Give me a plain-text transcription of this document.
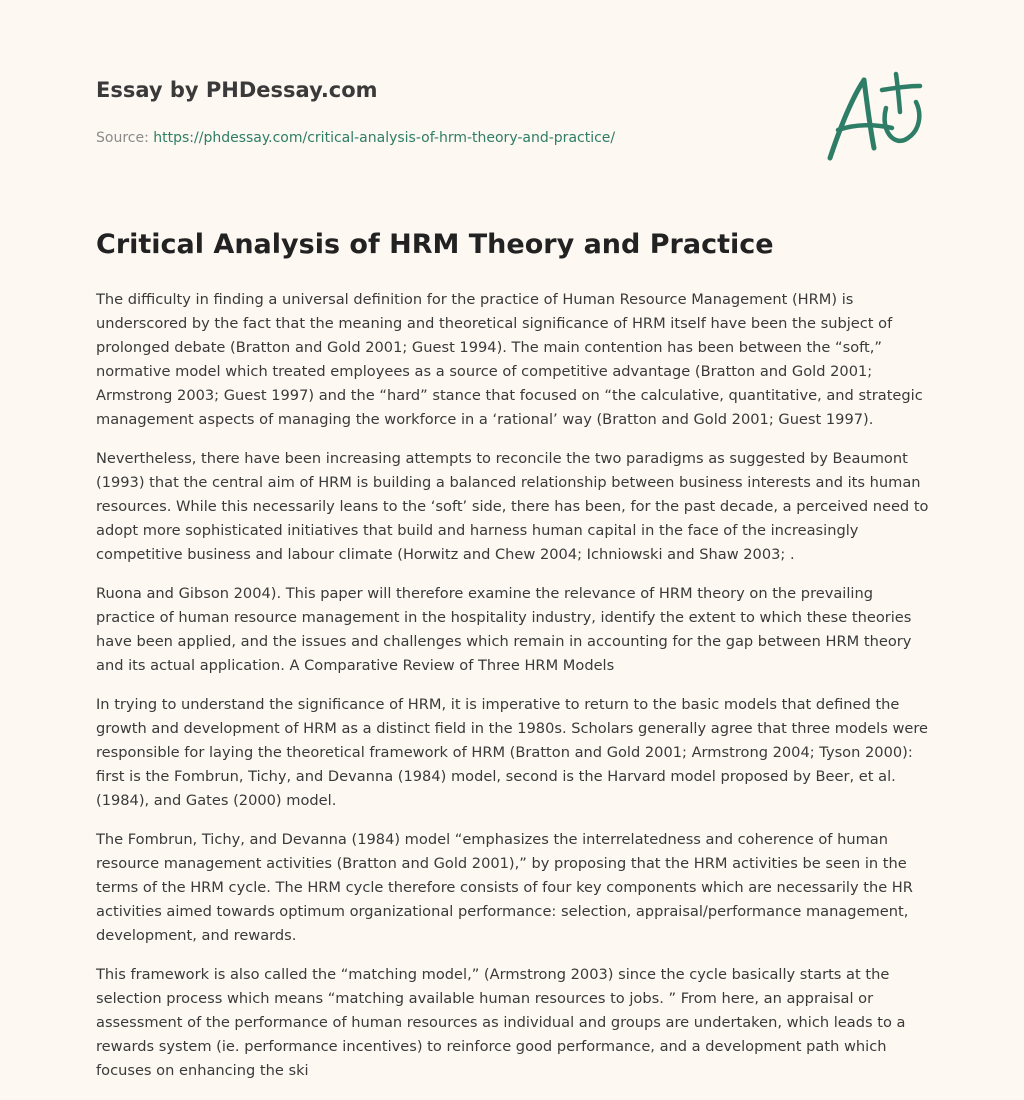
Essay by PHDessay.com
Source: https://phdessay.com/critical-analysis-of-hrm-theory-and-practice/
Critical Analysis of HRM Theory and Practice

The difficulty in finding a universal definition for the practice of Human Resource Management (HRM) is underscored by the fact that the meaning and theoretical significance of HRM itself have been the subject of prolonged debate (Bratton and Gold 2001; Guest 1994). The main contention has been between the “soft,” normative model which treated employees as a source of competitive advantage (Bratton and Gold 2001; Armstrong 2003; Guest 1997) and the “hard” stance that focused on “the calculative, quantitative, and strategic management aspects of managing the workforce in a ‘rational’ way (Bratton and Gold 2001; Guest 1997).

Nevertheless, there have been increasing attempts to reconcile the two paradigms as suggested by Beaumont (1993) that the central aim of HRM is building a balanced relationship between business interests and its human resources. While this necessarily leans to the ‘soft’ side, there has been, for the past decade, a perceived need to adopt more sophisticated initiatives that build and harness human capital in the face of the increasingly competitive business and labour climate (Horwitz and Chew 2004; Ichniowski and Shaw 2003; .

Ruona and Gibson 2004). This paper will therefore examine the relevance of HRM theory on the prevailing practice of human resource management in the hospitality industry, identify the extent to which these theories have been applied, and the issues and challenges which remain in accounting for the gap between HRM theory and its actual application. A Comparative Review of Three HRM Models

In trying to understand the significance of HRM, it is imperative to return to the basic models that defined the growth and development of HRM as a distinct field in the 1980s. Scholars generally agree that three models were responsible for laying the theoretical framework of HRM (Bratton and Gold 2001; Armstrong 2004; Tyson 2000): first is the Fombrun, Tichy, and Devanna (1984) model, second is the Harvard model proposed by Beer, et al. (1984), and Gates (2000) model.

The Fombrun, Tichy, and Devanna (1984) model “emphasizes the interrelatedness and coherence of human resource management activities (Bratton and Gold 2001),” by proposing that the HRM activities be seen in the terms of the HRM cycle. The HRM cycle therefore consists of four key components which are necessarily the HR activities aimed towards optimum organizational performance: selection, appraisal/performance management, development, and rewards.

This framework is also called the “matching model,” (Armstrong 2003) since the cycle basically starts at the selection process which means “matching available human resources to jobs. ” From here, an appraisal or assessment of the performance of human resources as individual and groups are undertaken, which leads to a rewards system (ie. performance incentives) to reinforce good performance, and a development path which focuses on enhancing the ski
